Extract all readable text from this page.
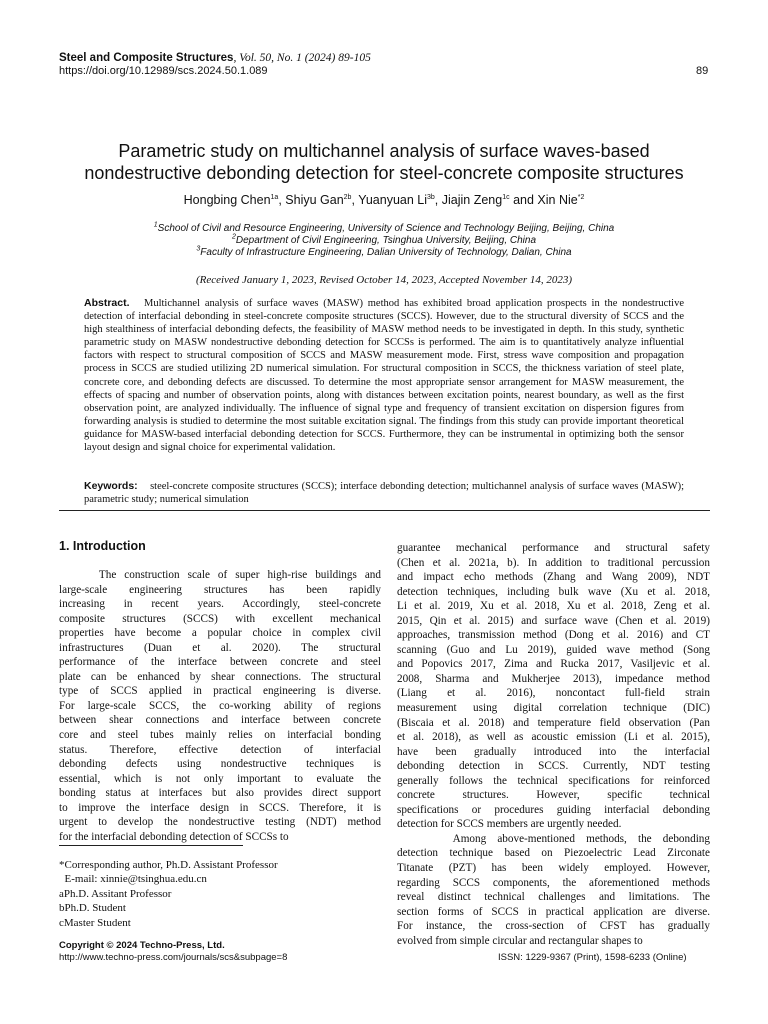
Steel and Composite Structures, Vol. 50, No. 1 (2024) 89-105
https://doi.org/10.12989/scs.2024.50.1.089	89
Parametric study on multichannel analysis of surface waves-based
nondestructive debonding detection for steel-concrete composite structures
Hongbing Chen$^{1a}$, Shiyu Gan$^{2b}$, Yuanyuan $Li^{3b}$, Jiajin Zeng$^{1c}$ and Xin Nie$^{*2}$
$^1$School of Civil and Resource Engineering, University of Science and Technology Beijing, Beijing, China
$^2$Department of Civil Engineering, Tsinghua University, Beijing, China
$^3$Faculty of Infrastructure Engineering, Dalian University of Technology, Dalian, China
(Received January 1, 2023, Revised October 14, 2023, Accepted November 14, 2023)
Abstract. Multichannel analysis of surface waves (MASW) method has exhibited broad application prospects in the nondestructive detection of interfacial debonding in steel-concrete composite structures (SCCS). However, due to the structural diversity of SCCS and the high stealthiness of interfacial debonding defects, the feasibility of MASW method needs to be investigated in depth. In this study, synthetic parametric study on MASW nondestructive debonding detection for SCCSs is performed. The aim is to quantitatively analyze influential factors with respect to structural composition of SCCS and MASW measurement mode. First, stress wave composition and propagation process in SCCS are studied utilizing 2D numerical simulation. For structural composition in SCCS, the thickness variation of steel plate, concrete core, and debonding defects are discussed. To determine the most appropriate sensor arrangement for MASW measurement, the effects of spacing and number of observation points, along with distances between excitation points, nearest boundary, as well as the first observation point, are analyzed individually. The influence of signal type and frequency of transient excitation on dispersion figures from forwarding analysis is studied to determine the most suitable excitation signal. The findings from this study can provide important theoretical guidance for MASW-based interfacial debonding detection for SCCS. Furthermore, they can be instrumental in optimizing both the sensor layout design and signal choice for experimental validation.
Keywords: steel-concrete composite structures (SCCS); interface debonding detection; multichannel analysis of surface waves (MASW); parametric study; numerical simulation
1. Introduction
The construction scale of super high-rise buildings and
large-scale engineering structures has been rapidly
increasing in recent years. Accordingly, steel-concrete
composite structures (SCCS) with excellent mechanical
properties have become a popular choice in complex civil
infrastructures (Duan et al. 2020). The structural
performance of the interface between concrete and steel
plate can be enhanced by shear connections. The structural
type of SCCS applied in practical engineering is diverse.
For large-scale SCCS, the co-working ability of regions
between shear connections and interface between concrete
core and steel tubes mainly relies on interfacial bonding
status. Therefore, effective detection of interfacial
debonding defects using nondestructive techniques is
essential, which is not only important to evaluate the
bonding status at interfaces but also provides direct support
to improve the interface design in SCCS. Therefore, it is
urgent to develop the nondestructive testing (NDT) method
for the interfacial debonding detection of SCCSs to
guarantee mechanical performance and structural safety
(Chen et al. 2021a, b). In addition to traditional percussion
and impact echo methods (Zhang and Wang 2009), NDT
detection techniques, including bulk wave (Xu et al. 2018,
Li et al. 2019, Xu et al. 2018, Xu et al. 2018, Zeng et al.
2015, Qin et al. 2015) and surface wave (Chen et al. 2019)
approaches, transmission method (Dong et al. 2016) and CT
scanning (Guo and Lu 2019), guided wave method (Song
and Popovics 2017, Zima and Rucka 2017, Vasiljevic et al.
2008, Sharma and Mukherjee 2013), impedance method
(Liang et al. 2016), noncontact full-field strain
measurement using digital correlation technique (DIC)
(Biscaia et al. 2018) and temperature field observation (Pan
et al. 2018), as well as acoustic emission (Li et al. 2015),
have been gradually introduced into the interfacial
debonding detection in SCCS. Currently, NDT testing
generally follows the technical specifications for reinforced
concrete structures. However, specific technical
specifications or procedures guiding interfacial debonding
detection for SCCS members are urgently needed.
Among above-mentioned methods, the debonding
detection technique based on Piezoelectric Lead Zirconate
Titanate (PZT) has been widely employed. However,
regarding SCCS components, the aforementioned methods
reveal distinct technical challenges and limitations. The
section forms of SCCS in practical application are diverse.
For instance, the cross-section of CFST has gradually
evolved from simple circular and rectangular shapes to
*Corresponding author, Ph.D. Assistant Professor
E-mail: xinnie@tsinghua.edu.cn
aPh.D. Assitant Professor
bPh.D. Student
cMaster Student
Copyright © 2024 Techno-Press, Ltd.
http://www.techno-press.com/journals/scs&subpage=8	ISSN: 1229-9367 (Print), 1598-6233 (Online)
